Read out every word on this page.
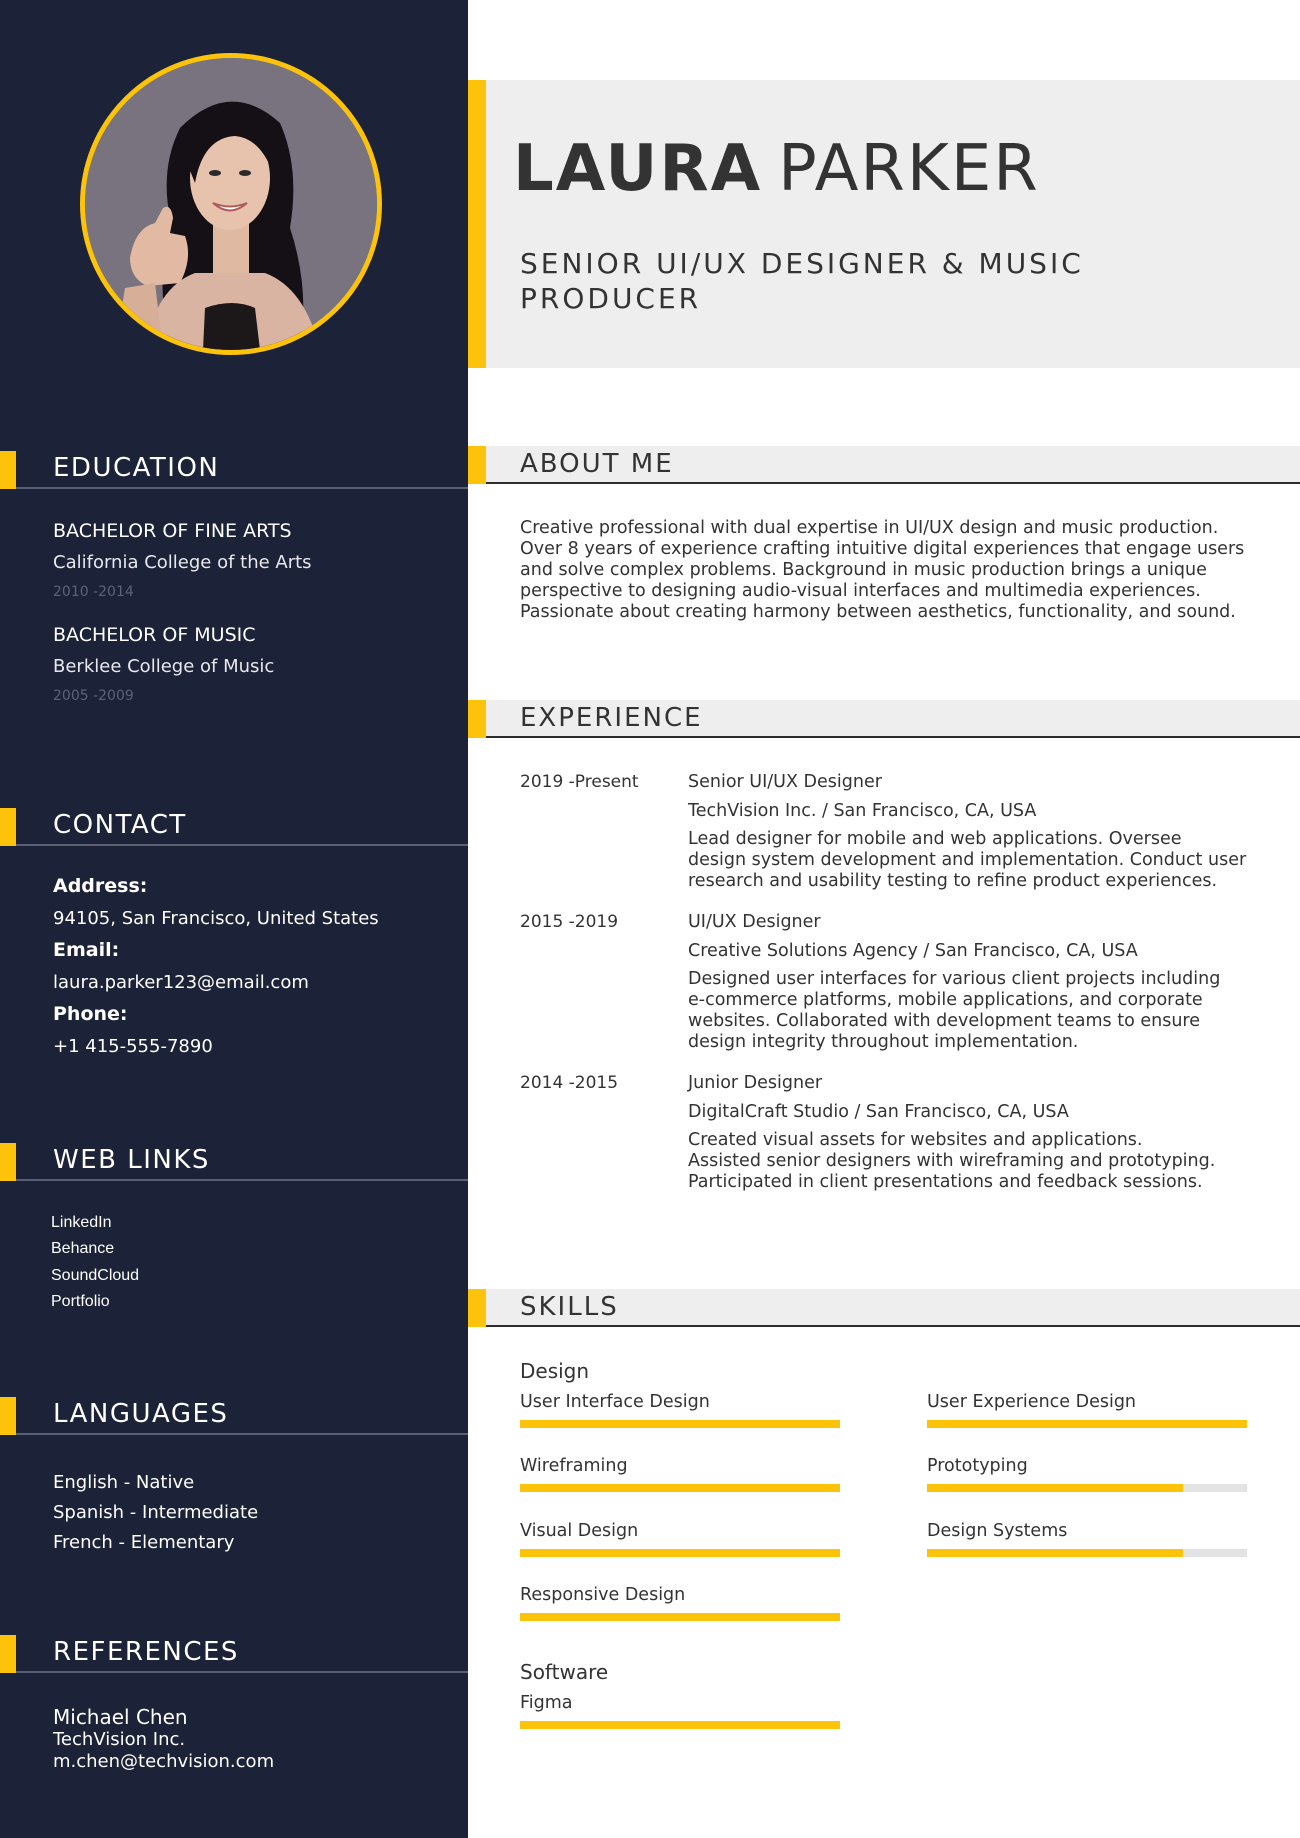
EDUCATION
BACHELOR OF FINE ARTS
California College of the Arts
2010 -2014
BACHELOR OF MUSIC
Berklee College of Music
2005 -2009
CONTACT
Address:
94105, San Francisco, United States
Email:
laura.parker123@email.com
Phone:
+1 415-555-7890
WEB LINKS
LinkedIn
Behance
SoundCloud
Portfolio
LANGUAGES
English - Native
Spanish - Intermediate
French - Elementary
REFERENCES
Michael Chen
TechVision Inc.
m.chen@techvision.com
LAURA PARKER
SENIOR UI/UX DESIGNER & MUSIC
PRODUCER
ABOUT ME
Creative professional with dual expertise in UI/UX design and music production.
Over 8 years of experience crafting intuitive digital experiences that engage users
and solve complex problems. Background in music production brings a unique
perspective to designing audio-visual interfaces and multimedia experiences.
Passionate about creating harmony between aesthetics, functionality, and sound.
EXPERIENCE
2019 -Present	Senior UI/UX Designer
TechVision Inc. / San Francisco, CA, USA
Lead designer for mobile and web applications. Oversee
design system development and implementation. Conduct user
research and usability testing to refine product experiences.
2015 -2019	UI/UX Designer
Creative Solutions Agency / San Francisco, CA, USA
Designed user interfaces for various client projects including
e-commerce platforms, mobile applications, and corporate
websites. Collaborated with development teams to ensure
design integrity throughout implementation.
2014 -2015	Junior Designer
DigitalCraft Studio / San Francisco, CA, USA
Created visual assets for websites and applications.
Assisted senior designers with wireframing and prototyping.
Participated in client presentations and feedback sessions.
SKILLS
Design
User Interface Design	User Experience Design
Wireframing	Prototyping
Visual Design	Design Systems
Responsive Design
Software
Figma
